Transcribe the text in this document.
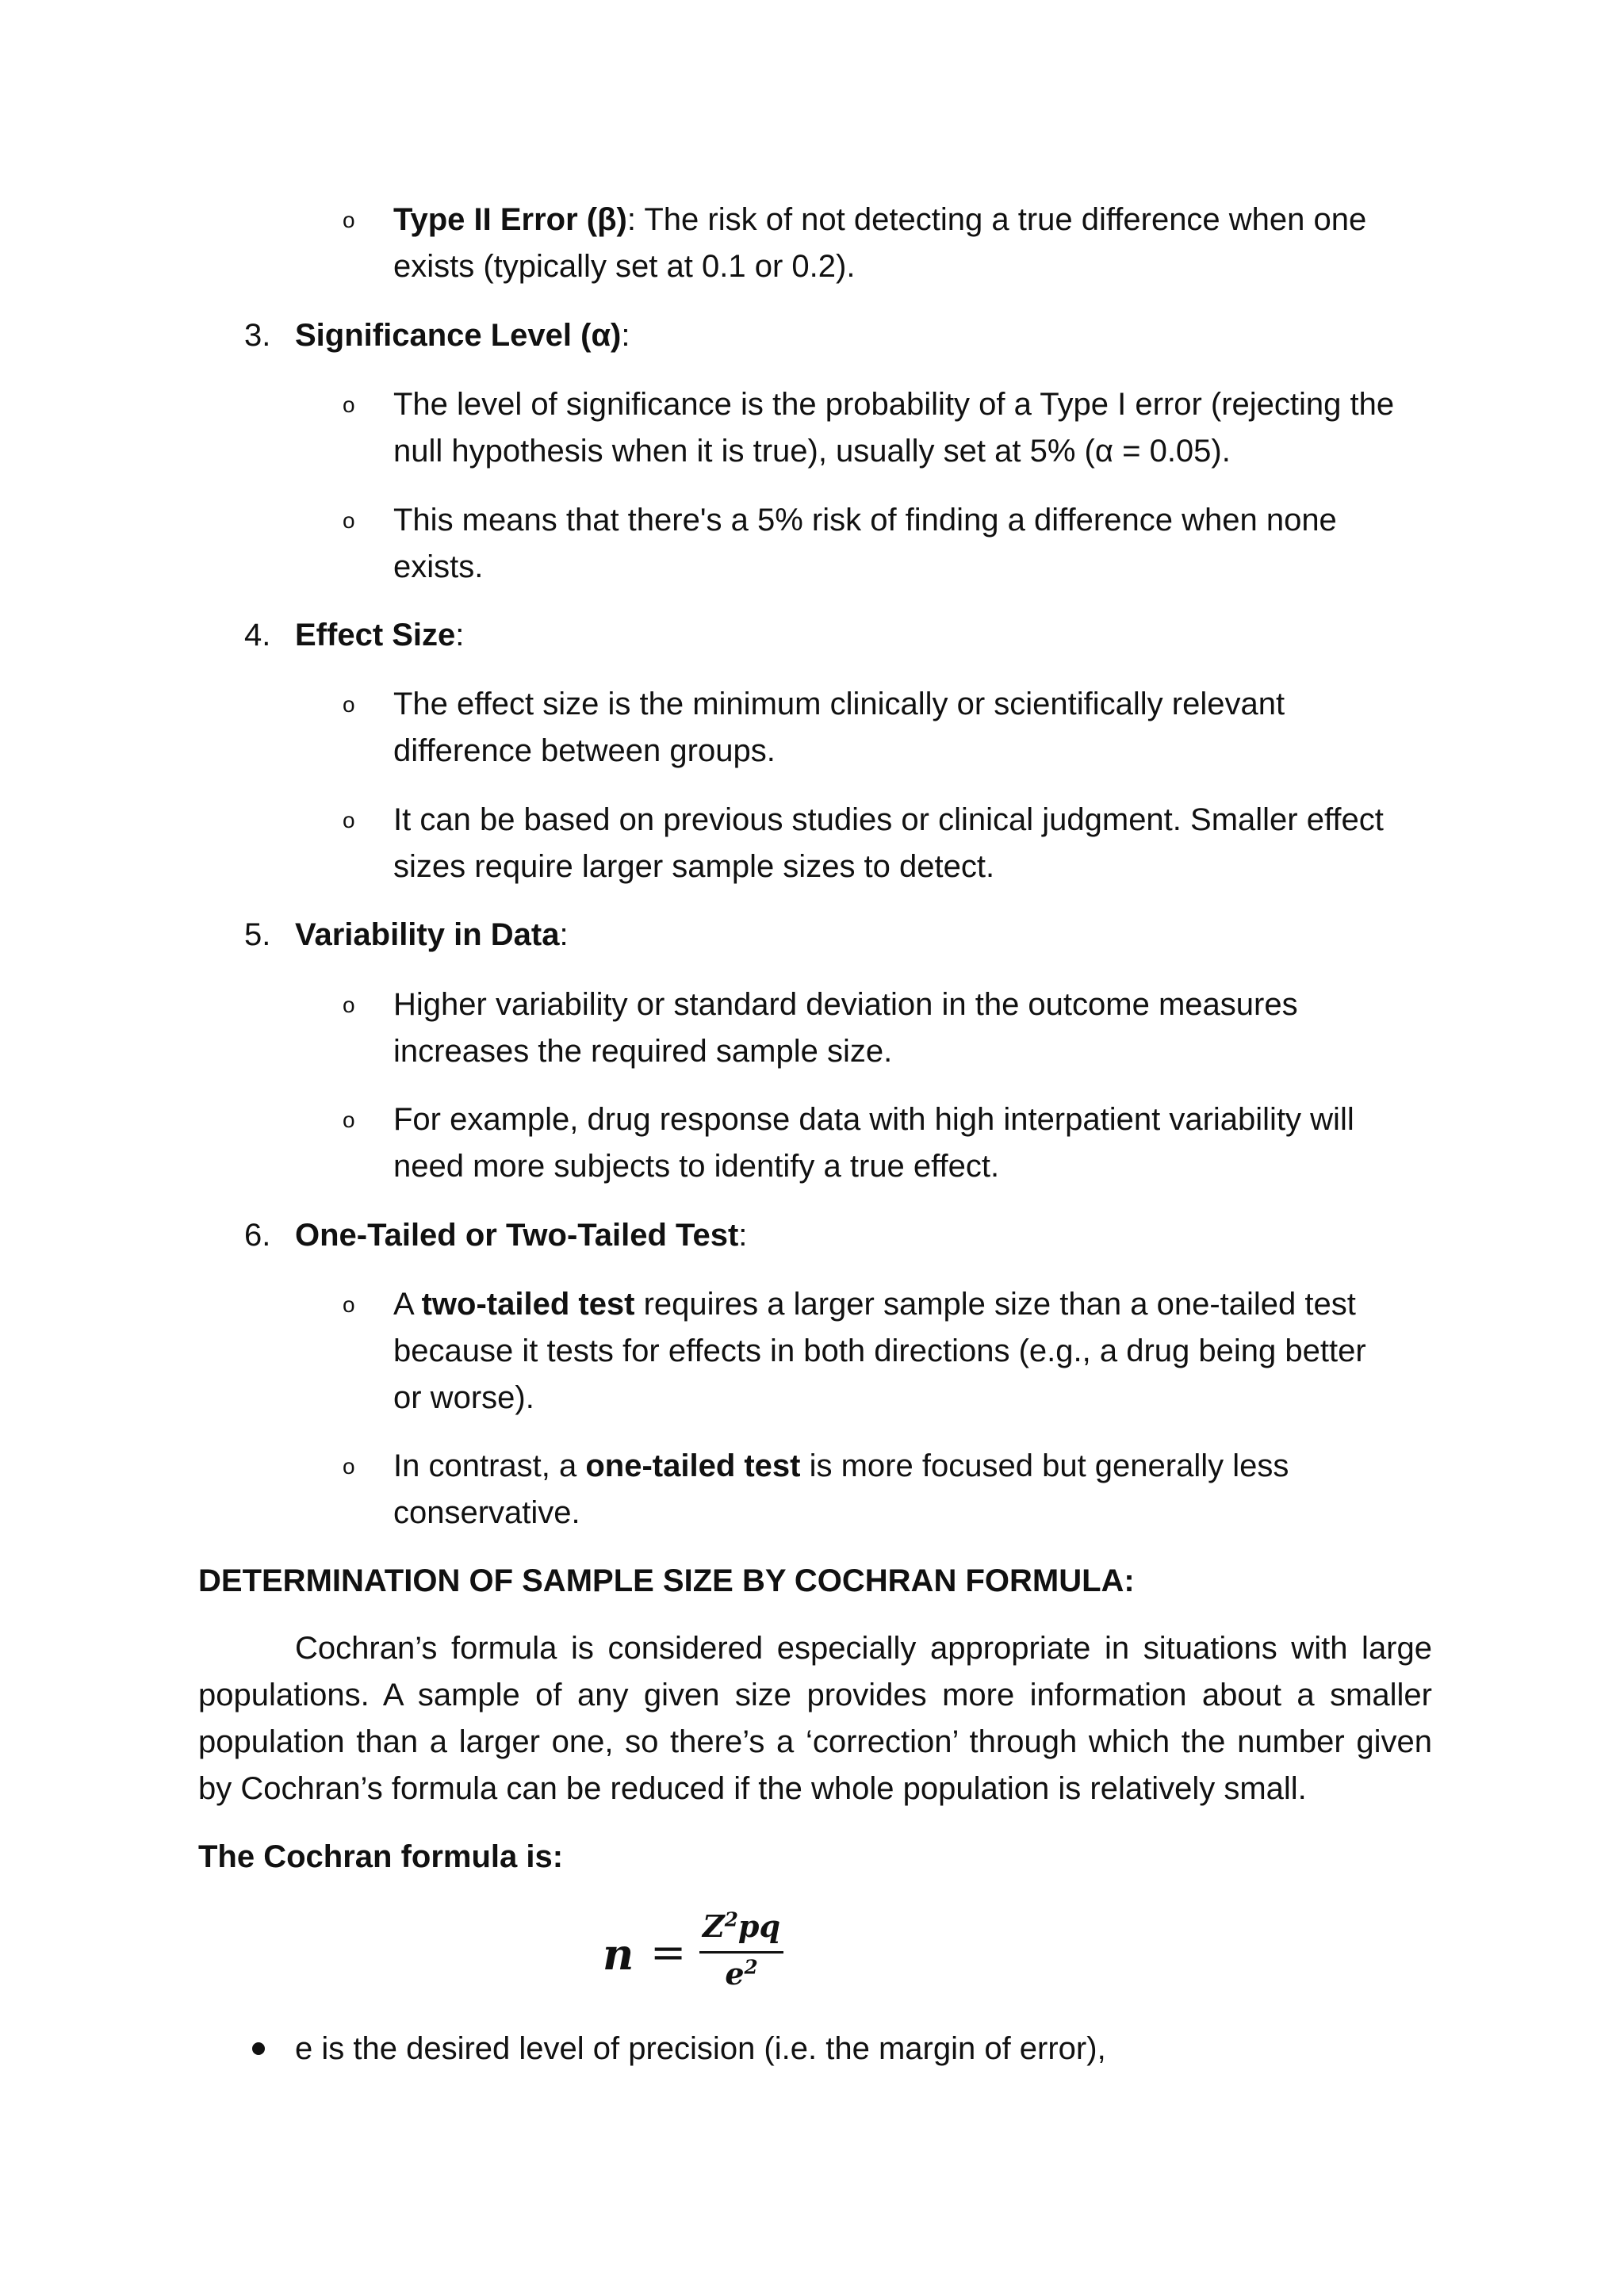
o Type II Error (β): The risk of not detecting a true difference when one
exists (typically set at 0.1 or 0.2).
3. Significance Level (α):
o The level of significance is the probability of a Type I error (rejecting the
null hypothesis when it is true), usually set at 5% (α = 0.05).
o This means that there's a 5% risk of finding a difference when none
exists.
4. Effect Size:
o The effect size is the minimum clinically or scientifically relevant
difference between groups.
o It can be based on previous studies or clinical judgment. Smaller effect
sizes require larger sample sizes to detect.
5. Variability in Data:
o Higher variability or standard deviation in the outcome measures
increases the required sample size.
o For example, drug response data with high interpatient variability will
need more subjects to identify a true effect.
6. One-Tailed or Two-Tailed Test:
o A two-tailed test requires a larger sample size than a one-tailed test
because it tests for effects in both directions (e.g., a drug being better
or worse).
o In contrast, a one-tailed test is more focused but generally less
conservative.
DETERMINATION OF SAMPLE SIZE BY COCHRAN FORMULA:
Cochran’s formula is considered especially appropriate in situations with large
populations. A sample of any given size provides more information about a smaller
population than a larger one, so there’s a ‘correction’ through which the number given
by Cochran’s formula can be reduced if the whole population is relatively small.
The Cochran formula is:
n =
$Z^2pq$
$e^2$
e is the desired level of precision (i.e. the margin of error),
